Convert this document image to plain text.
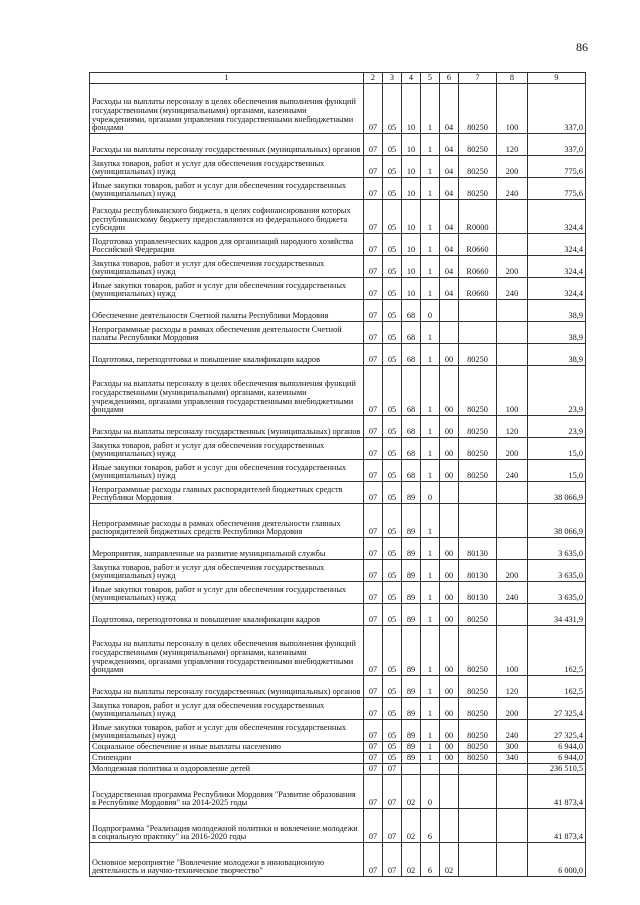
86
1	2	3	4	5	6	7	8	9
Расходы на выплаты персоналу в целях обеспечения выполнения функций государственными (муниципальными) органами, казенными учреждениями, органами управления государственными внебюджетными фондами	07	05	10	1	04	80250	100	337,0
Расходы на выплаты персоналу государственных (муниципальных) органов	07	05	10	1	04	80250	120	337,0
Закупка товаров, работ и услуг для обеспечения государственных (муниципальных) нужд	07	05	10	1	04	80250	200	775,6
Иные закупки товаров, работ и услуг для обеспечения государственных (муниципальных) нужд	07	05	10	1	04	80250	240	775,6
Расходы республиканского бюджета, в целях софинансирования которых республиканскому бюджету предоставляются из федерального бюджета субсидии	07	05	10	1	04	R0000		324,4
Подготовка управленческих кадров для организаций народного хозяйства Российской Федерации	07	05	10	1	04	R0660		324,4
Закупка товаров, работ и услуг для обеспечения государственных (муниципальных) нужд	07	05	10	1	04	R0660	200	324,4
Иные закупки товаров, работ и услуг для обеспечения государственных (муниципальных) нужд	07	05	10	1	04	R0660	240	324,4
Обеспечение деятельности Счетной палаты Республики Мордовия	07	05	68	0				38,9
Непрограммные расходы в рамках обеспечения деятельности Счетной палаты Республики Мордовия	07	05	68	1				38,9
Подготовка, переподготовка и повышение квалификации кадров	07	05	68	1	00	80250		38,9
Расходы на выплаты персоналу в целях обеспечения выполнения функций государственными (муниципальными) органами, казенными учреждениями, органами управления государственными внебюджетными фондами	07	05	68	1	00	80250	100	23,9
Расходы на выплаты персоналу государственных (муниципальных) органов	07	05	68	1	00	80250	120	23,9
Закупка товаров, работ и услуг для обеспечения государственных (муниципальных) нужд	07	05	68	1	00	80250	200	15,0
Иные закупки товаров, работ и услуг для обеспечения государственных (муниципальных) нужд	07	05	68	1	00	80250	240	15,0
Непрограммные расходы главных распорядителей бюджетных средств Республики Мордовия	07	05	89	0				38 066,9
Непрограммные расходы в рамках обеспечения деятельности главных распорядителей бюджетных средств Республики Мордовия	07	05	89	1				38 066,9
Мероприятия, направленные на развитие муниципальной службы	07	05	89	1	00	80130		3 635,0
Закупка товаров, работ и услуг для обеспечения государственных (муниципальных) нужд	07	05	89	1	00	80130	200	3 635,0
Иные закупки товаров, работ и услуг для обеспечения государственных (муниципальных) нужд	07	05	89	1	00	80130	240	3 635,0
Подготовка, переподготовка и повышение квалификации кадров	07	05	89	1	00	80250		34 431,9
Расходы на выплаты персоналу в целях обеспечения выполнения функций государственными (муниципальными) органами, казенными учреждениями, органами управления государственными внебюджетными фондами	07	05	89	1	00	80250	100	162,5
Расходы на выплаты персоналу государственных (муниципальных) органов	07	05	89	1	00	80250	120	162,5
Закупка товаров, работ и услуг для обеспечения государственных (муниципальных) нужд	07	05	89	1	00	80250	200	27 325,4
Иные закупки товаров, работ и услуг для обеспечения государственных (муниципальных) нужд	07	05	89	1	00	80250	240	27 325,4
Социальное обеспечение и иные выплаты населению	07	05	89	1	00	80250	300	6 944,0
Стипендии	07	05	89	1	00	80250	340	6 944,0
Молодежная политика и оздоровление детей	07	07						236 510,5
Государственная программа Республики Мордовия "Развитие образования в Республике Мордовия" на 2014-2025 годы	07	07	02	0				41 873,4
Подпрограмма "Реализация молодежной политики и вовлечение молодежи в социальную практику" на 2016-2020 годы	07	07	02	6				41 873,4
Основное мероприятие "Вовлечение молодежи в инновационную деятельность и научно-техническое творчество"	07	07	02	6	02			6 000,0
